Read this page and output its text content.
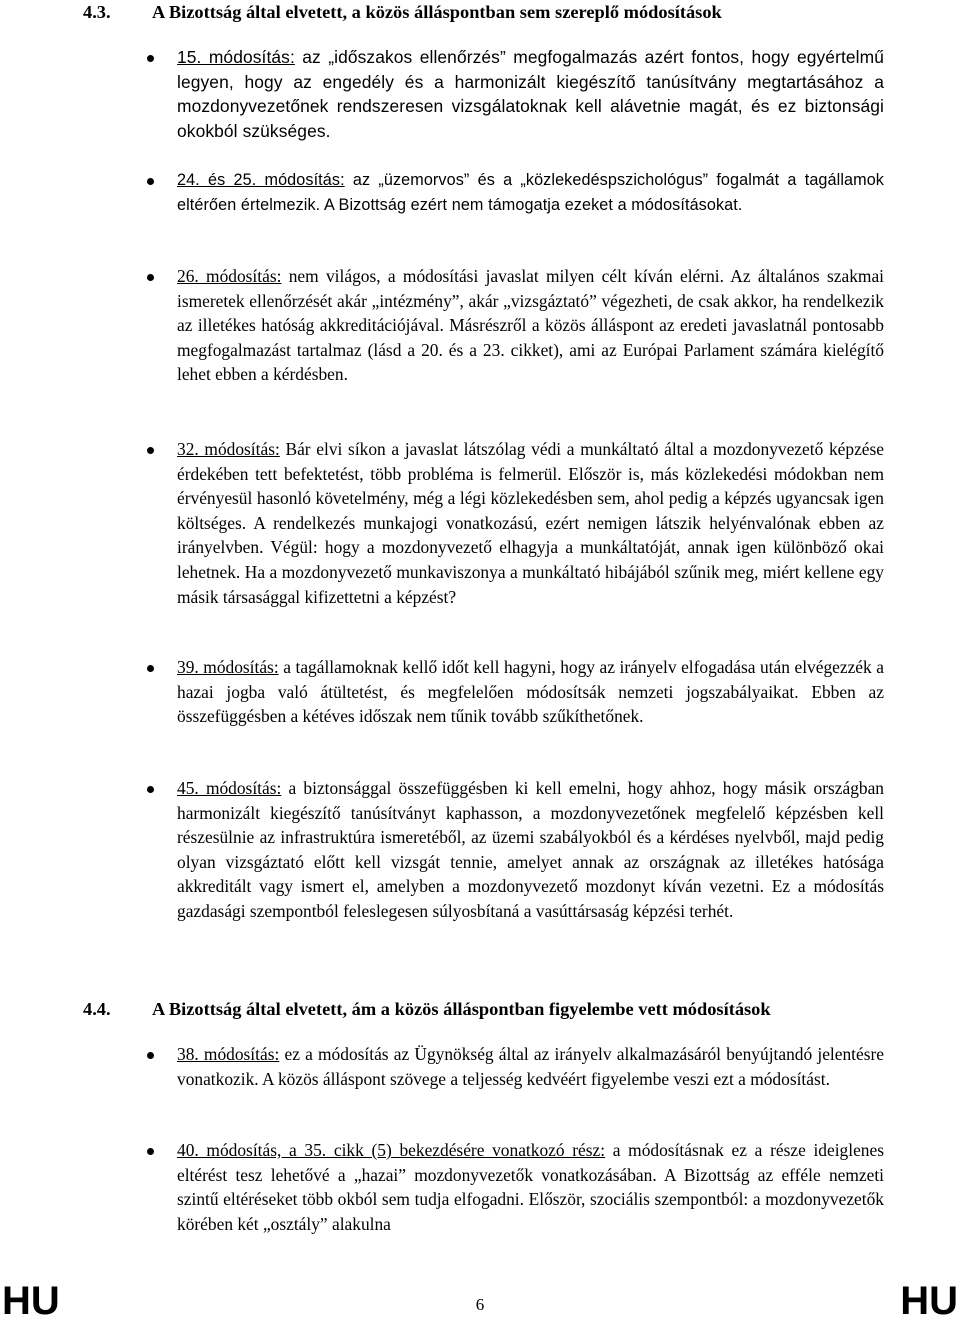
4.3. A Bizottság által elvetett, a közös álláspontban sem szereplő módosítások

15. módosítás: az „időszakos ellenőrzés” megfogalmazás azért fontos, hogy egyértelmű legyen, hogy az engedély és a harmonizált kiegészítő tanúsítvány megtartásához a mozdonyvezetőnek rendszeresen vizsgálatoknak kell alávetnie magát, és ez biztonsági okokból szükséges.

24. és 25. módosítás: az „üzemorvos” és a „közlekedéspszichológus” fogalmát a tagállamok eltérően értelmezik. A Bizottság ezért nem támogatja ezeket a módosításokat.

26. módosítás: nem világos, a módosítási javaslat milyen célt kíván elérni. Az általános szakmai ismeretek ellenőrzését akár „intézmény”, akár „vizsgáztató” végezheti, de csak akkor, ha rendelkezik az illetékes hatóság akkreditációjával. Másrészről a közös álláspont az eredeti javaslatnál pontosabb megfogalmazást tartalmaz (lásd a 20. és a 23. cikket), ami az Európai Parlament számára kielégítő lehet ebben a kérdésben.

32. módosítás: Bár elvi síkon a javaslat látszólag védi a munkáltató által a mozdonyvezető képzése érdekében tett befektetést, több probléma is felmerül. Először is, más közlekedési módokban nem érvényesül hasonló követelmény, még a légi közlekedésben sem, ahol pedig a képzés ugyancsak igen költséges. A rendelkezés munkajogi vonatkozású, ezért nemigen látszik helyénvalónak ebben az irányelvben. Végül: hogy a mozdonyvezető elhagyja a munkáltatóját, annak igen különböző okai lehetnek. Ha a mozdonyvezető munkaviszonya a munkáltató hibájából szűnik meg, miért kellene egy másik társasággal kifizettetni a képzést?

39. módosítás: a tagállamoknak kellő időt kell hagyni, hogy az irányelv elfogadása után elvégezzék a hazai jogba való átültetést, és megfelelően módosítsák nemzeti jogszabályaikat. Ebben az összefüggésben a kétéves időszak nem tűnik tovább szűkíthetőnek.

45. módosítás: a biztonsággal összefüggésben ki kell emelni, hogy ahhoz, hogy másik országban harmonizált kiegészítő tanúsítványt kaphasson, a mozdonyvezetőnek megfelelő képzésben kell részesülnie az infrastruktúra ismeretéből, az üzemi szabályokból és a kérdéses nyelvből, majd pedig olyan vizsgáztató előtt kell vizsgát tennie, amelyet annak az országnak az illetékes hatósága akkreditált vagy ismert el, amelyben a mozdonyvezető mozdonyt kíván vezetni. Ez a módosítás gazdasági szempontból feleslegesen súlyosbítaná a vasúttársaság képzési terhét.

4.4. A Bizottság által elvetett, ám a közös álláspontban figyelembe vett módosítások

38. módosítás: ez a módosítás az Ügynökség által az irányelv alkalmazásáról benyújtandó jelentésre vonatkozik. A közös álláspont szövege a teljesség kedvéért figyelembe veszi ezt a módosítást.

40. módosítás, a 35. cikk (5) bekezdésére vonatkozó rész: a módosításnak ez a része ideiglenes eltérést tesz lehetővé a „hazai” mozdonyvezetők vonatkozásában. A Bizottság az efféle nemzeti szintű eltéréseket több okból sem tudja elfogadni. Először, szociális szempontból: a mozdonyvezetők körében két „osztály” alakulna

HU	6	HU
